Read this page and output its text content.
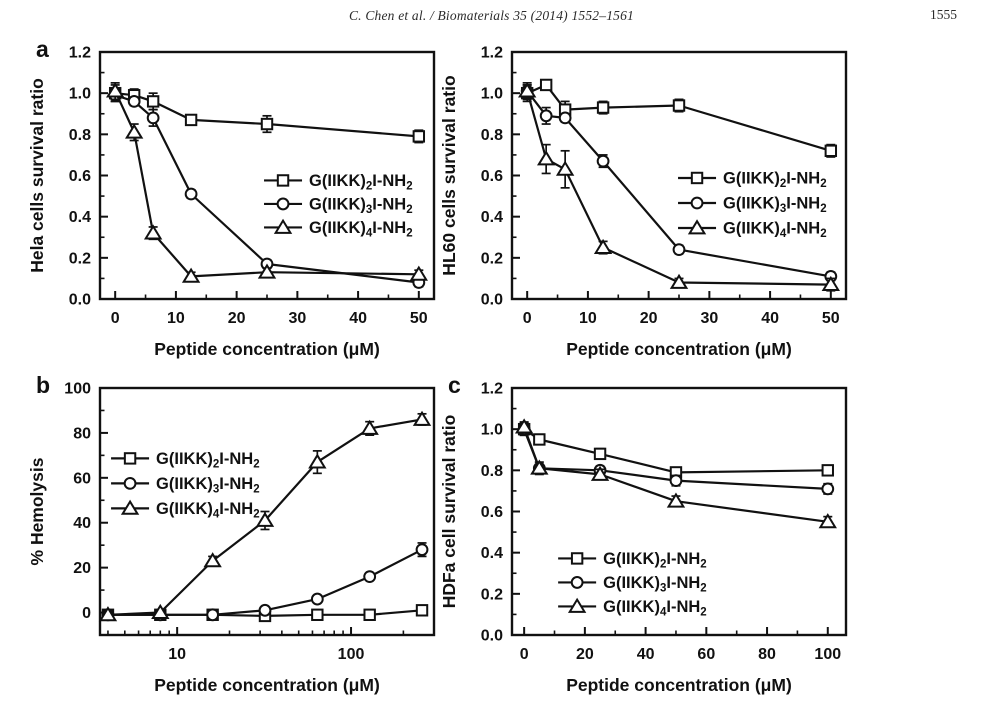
C. Chen et al. / Biomaterials 35 (2014) 1552–1561	1555
a
0	10	20	30	40	50
0.0
0.2
0.4
0.6
0.8
1.0
1.2
Peptide concentration (μM)
Hela cells survival ratio	$G(IIKK)_2I-NH_2$
$G(IIKK)_3I-NH_2$
$G(IIKK)_4I-NH_2$
0	10	20	30	40	50
0.0
0.2
0.4
0.6
0.8
1.0
1.2
Peptide concentration (μM)
HL60 cells survival ratio	$G(IIKK)_2I-NH_2$
$G(IIKK)_3I-NH_2$
$G(IIKK)_4I-NH_2$
b
10	100
0
20
40
60
80
100
Peptide concentration (μM)
% Hemolysis	$G(IIKK)_2I-NH_2$
$G(IIKK)_3I-NH_2$
$G(IIKK)_4I-NH_2$
c
0	20	40	60	80 100
0.0
0.2
0.4
0.6
0.8
1.0
1.2
Peptide concentration (μM)
HDFa cell survival ratio	$G(IIKK)_2I-NH_2$
$G(IIKK)_3I-NH_2$
$G(IIKK)_4I-NH_2$
